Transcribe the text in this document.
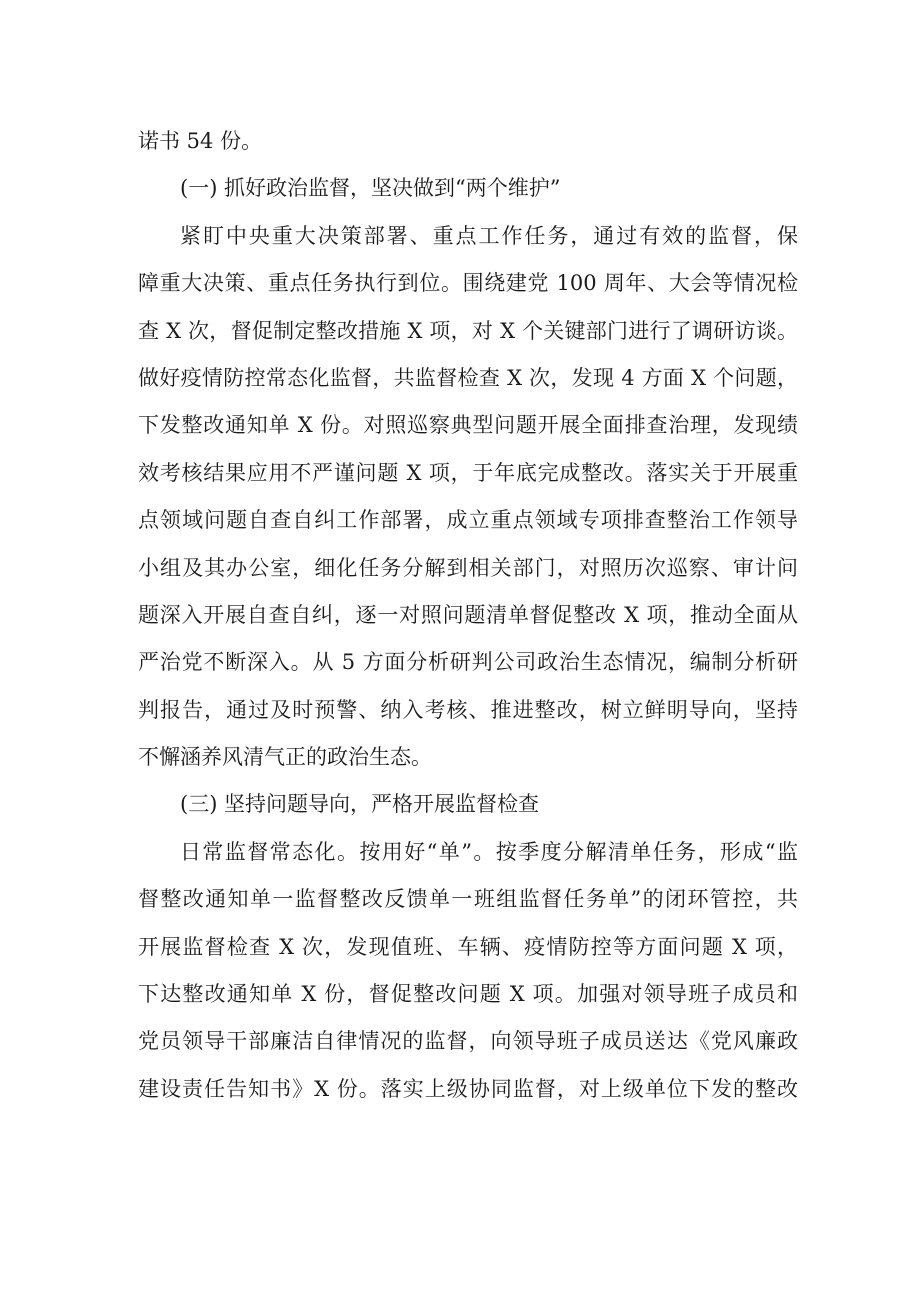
诺书 54 份。
(一) 抓好政治监督，坚决做到“两个维护”
紧盯中央重大决策部署、重点工作任务，通过有效的监督，保
障重大决策、重点任务执行到位。围绕建党 100 周年、大会等情况检
查 X 次，督促制定整改措施 X 项，对 X 个关键部门进行了调研访谈。
做好疫情防控常态化监督，共监督检查 X 次，发现 4 方面 X 个问题，
下发整改通知单 X 份。对照巡察典型问题开展全面排查治理，发现绩
效考核结果应用不严谨问题 X 项，于年底完成整改。落实关于开展重
点领域问题自查自纠工作部署，成立重点领域专项排查整治工作领导
小组及其办公室，细化任务分解到相关部门，对照历次巡察、审计问
题深入开展自查自纠，逐一对照问题清单督促整改 X 项，推动全面从
严治党不断深入。从 5 方面分析研判公司政治生态情况，编制分析研
判报告，通过及时预警、纳入考核、推进整改，树立鲜明导向，坚持
不懈涵养风清气正的政治生态。
(三) 坚持问题导向，严格开展监督检查
日常监督常态化。按用好“单”。按季度分解清单任务，形成“监
督整改通知单一监督整改反馈单一班组监督任务单”的闭环管控，共
开展监督检查 X 次，发现值班、车辆、疫情防控等方面问题 X 项，
下达整改通知单 X 份，督促整改问题 X 项。加强对领导班子成员和
党员领导干部廉洁自律情况的监督，向领导班子成员送达《党风廉政
建设责任告知书》X 份。落实上级协同监督，对上级单位下发的整改
